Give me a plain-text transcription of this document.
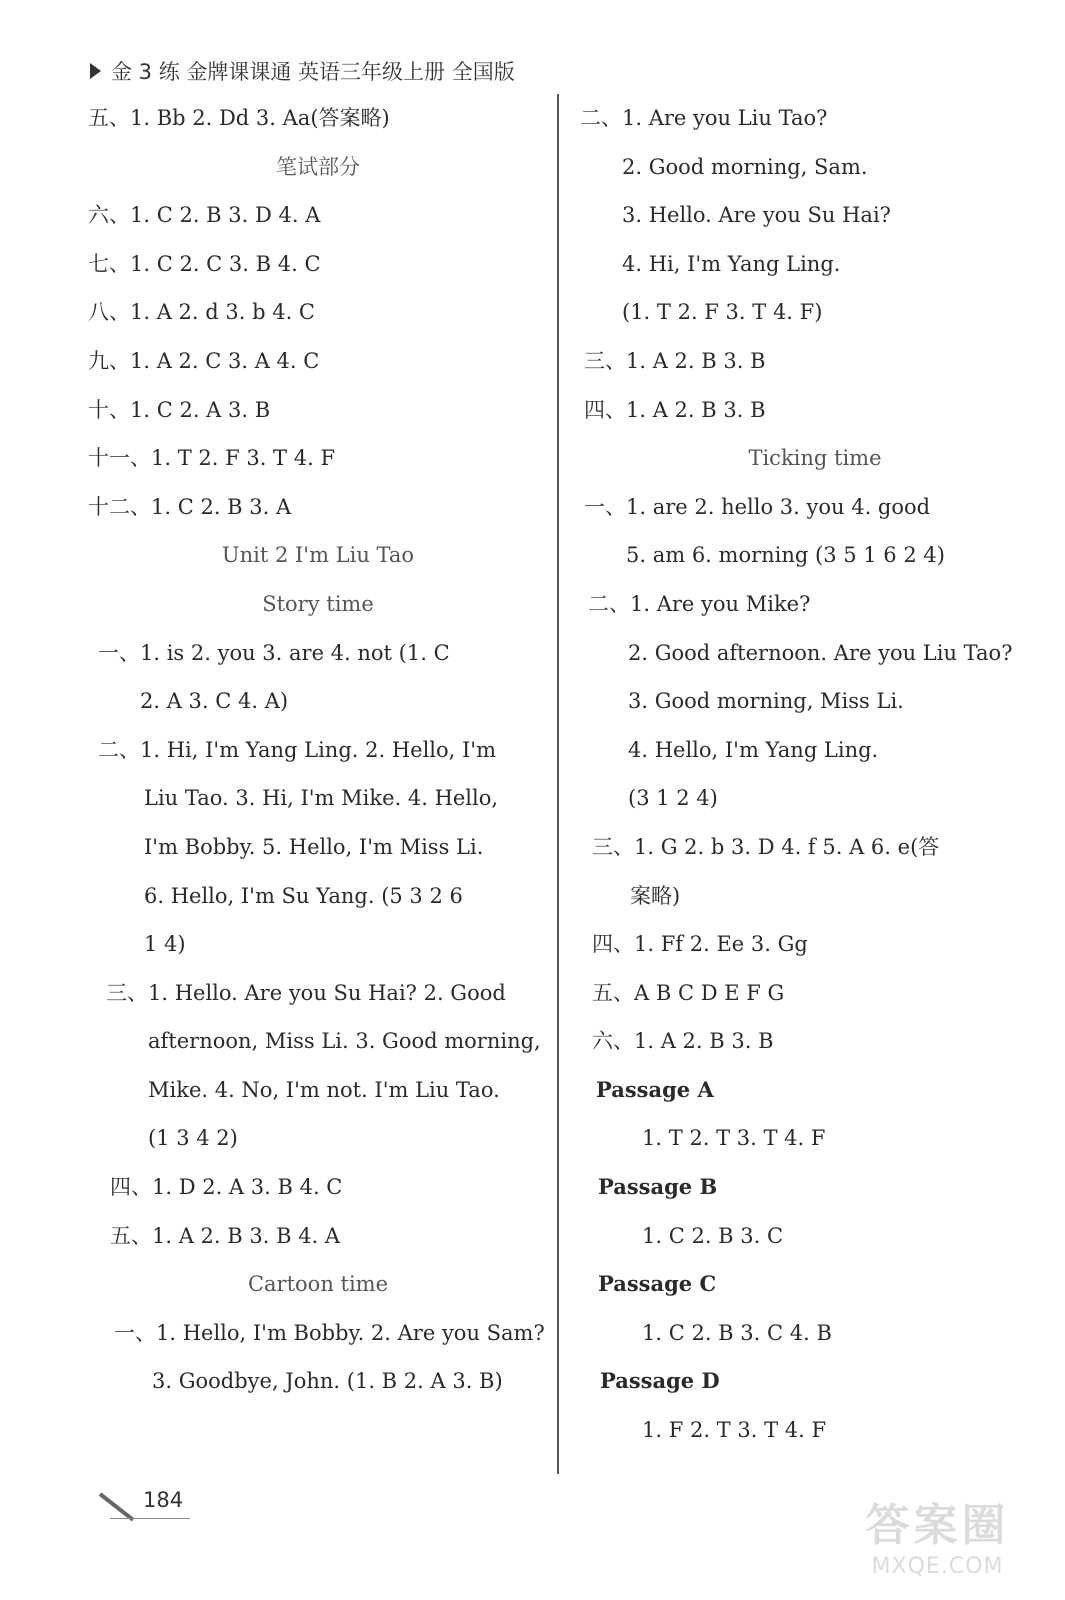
金 3 练 金牌课课通 英语三年级上册 全国版
五、1. Bb 2. Dd 3. Aa(答案略)
笔试部分
六、1. C 2. B 3. D 4. A
七、1. C 2. C 3. B 4. C
八、1. A 2. d 3. b 4. C
九、1. A 2. C 3. A 4. C
十、1. C 2. A 3. B
十一、1. T 2. F 3. T 4. F
十二、1. C 2. B 3. A
Unit 2 I'm Liu Tao
Story time
一、1. is 2. you 3. are 4. not (1. C
2. A 3. C 4. A)
二、1. Hi, I'm Yang Ling. 2. Hello, I'm
Liu Tao. 3. Hi, I'm Mike. 4. Hello,
I'm Bobby. 5. Hello, I'm Miss Li.
6. Hello, I'm Su Yang. (5 3 2 6
1 4)
三、1. Hello. Are you Su Hai? 2. Good
afternoon, Miss Li. 3. Good morning,
Mike. 4. No, I'm not. I'm Liu Tao.
(1 3 4 2)
四、1. D 2. A 3. B 4. C
五、1. A 2. B 3. B 4. A
Cartoon time
一、1. Hello, I'm Bobby. 2. Are you Sam?
3. Goodbye, John. (1. B 2. A 3. B)
二、1. Are you Liu Tao?
2. Good morning, Sam.
3. Hello. Are you Su Hai?
4. Hi, I'm Yang Ling.
(1. T 2. F 3. T 4. F)
三、1. A 2. B 3. B
四、1. A 2. B 3. B
Ticking time
一、1. are 2. hello 3. you 4. good
5. am 6. morning (3 5 1 6 2 4)
二、1. Are you Mike?
2. Good afternoon. Are you Liu Tao?
3. Good morning, Miss Li.
4. Hello, I'm Yang Ling.
(3 1 2 4)
三、1. G 2. b 3. D 4. f 5. A 6. e(答
案略)
四、1. Ff 2. Ee 3. Gg
五、A B C D E F G
六、1. A 2. B 3. B
Passage A
1. T 2. T 3. T 4. F
Passage B
1. C 2. B 3. C
Passage C
1. C 2. B 3. C 4. B
Passage D
1. F 2. T 3. T 4. F
184	答案圈
MXQE.COM
